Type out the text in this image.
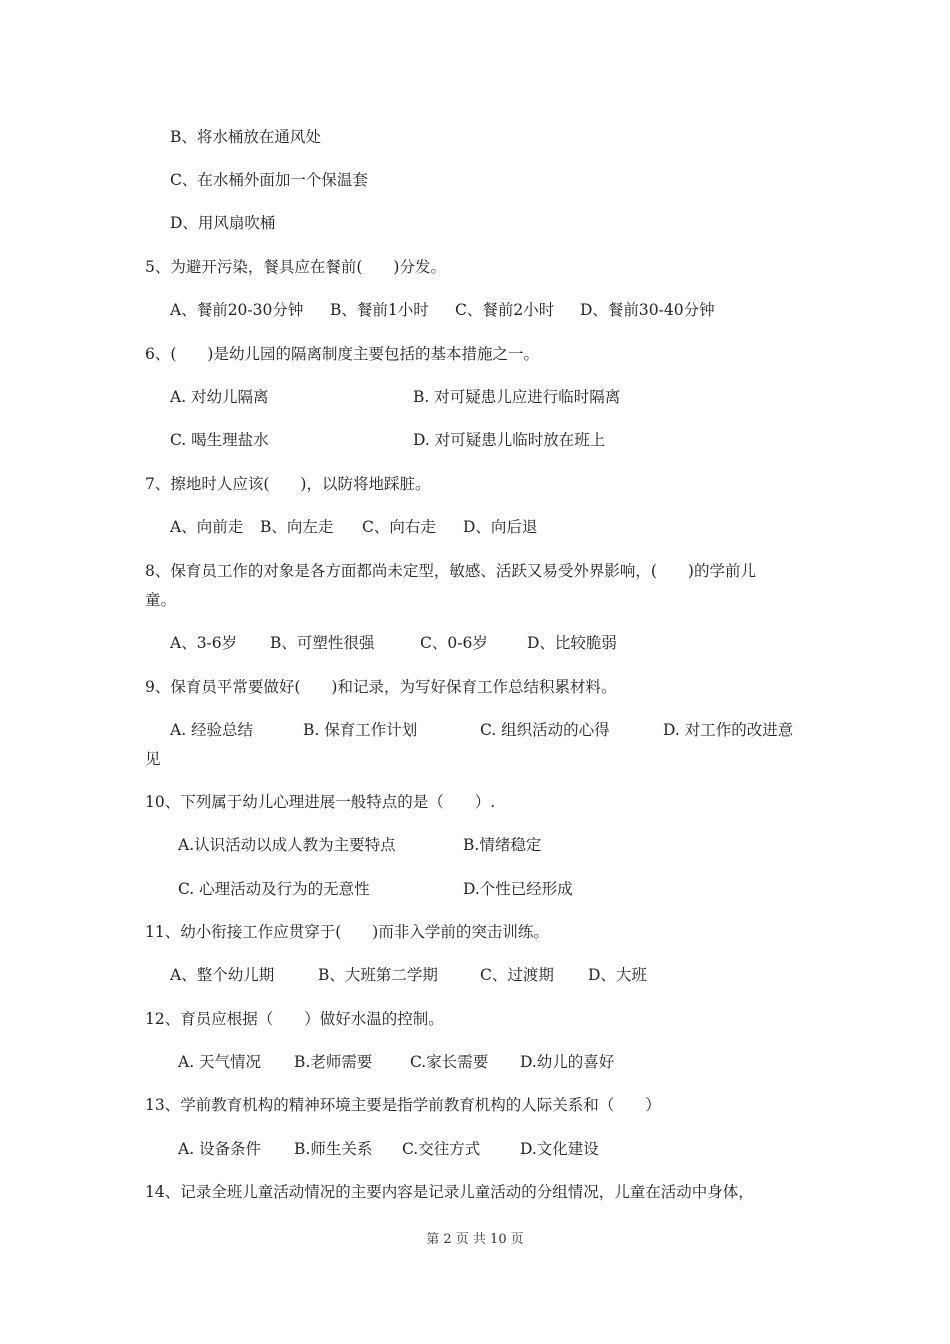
B、将水桶放在通风处
C、在水桶外面加一个保温套
D、用风扇吹桶
5、为避开污染，餐具应在餐前(　　)分发。
A、餐前20-30分钟 B、餐前1小时 C、餐前2小时 D、餐前30-40分钟
6、(　　)是幼儿园的隔离制度主要包括的基本措施之一。
A. 对幼儿隔离	B. 对可疑患儿应进行临时隔离
C. 喝生理盐水	D. 对可疑患儿临时放在班上
7、擦地时人应该(　　)，以防将地踩脏。
A、向前走 B、向左走 C、向右走 D、向后退
8、保育员工作的对象是各方面都尚未定型，敏感、活跃又易受外界影响，(　　)的学前儿
童。
A、3-6岁 B、可塑性很强	C、0-6岁	D、比较脆弱
9、保育员平常要做好(　　)和记录，为写好保育工作总结积累材料。
A. 经验总结	B. 保育工作计划	C. 组织活动的心得	D. 对工作的改进意
见
10、下列属于幼儿心理进展一般特点的是（　　）.
A.认识活动以成人教为主要特点	B.情绪稳定
C. 心理活动及行为的无意性	D.个性已经形成
11、幼小衔接工作应贯穿于(　　)而非入学前的突击训练。
A、整个幼儿期	B、大班第二学期	C、过渡期 D、大班
12、育员应根据（　　）做好水温的控制。
A. 天气情况 B.老师需要 C.家长需要 D.幼儿的喜好
13、学前教育机构的精神环境主要是指学前教育机构的人际关系和（　　）
A. 设备条件 B.师生关系 C.交往方式	D.文化建设
14、记录全班儿童活动情况的主要内容是记录儿童活动的分组情况，儿童在活动中身体，
第 2 页 共 10 页
